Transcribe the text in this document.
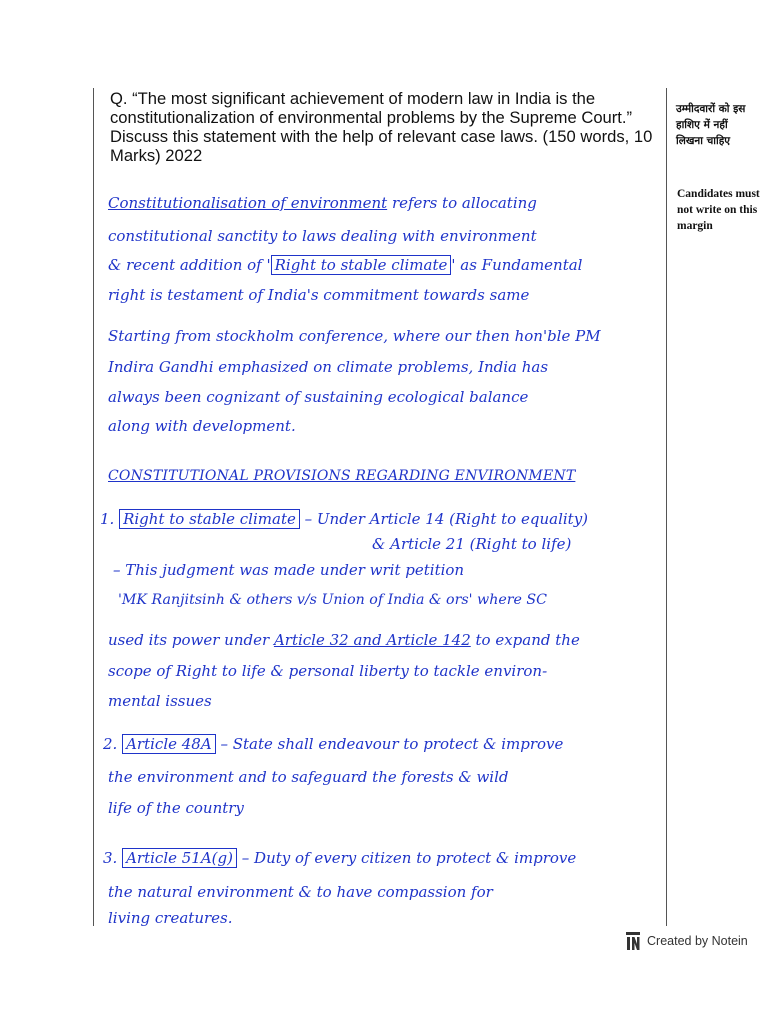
Q. “The most significant achievement of modern law in India is the constitutionalization of environmental problems by the Supreme Court.” Discuss this statement with the help of relevant case laws. (150 words, 10 Marks) 2022
उम्मीदवारों को इस हाशिए में नहीं लिखना चाहिए
Candidates must not write on this margin
Constitutionalisation of environment refers to allocating
constitutional sanctity to laws dealing with environment
& recent addition of ' Right to stable climate ' as Fundamental
right is testament of India's commitment towards same
Starting from stockholm conference, where our then hon'ble PM
Indira Gandhi emphasized on climate problems, India has
always been cognizant of sustaining ecological balance
along with development.
CONSTITUTIONAL PROVISIONS REGARDING ENVIRONMENT
1. Right to stable climate – Under Article 14 (Right to equality)
& Article 21 (Right to life)
– This judgment was made under writ petition
'MK Ranjitsinh & others v/s Union of India & ors' where SC
used its power under Article 32 and Article 142 to expand the
scope of Right to life & personal liberty to tackle environ-
mental issues
2. Article 48A – State shall endeavour to protect & improve
the environment and to safeguard the forests & wild
life of the country
3. Article 51A(g) – Duty of every citizen to protect & improve
the natural environment & to have compassion for
living creatures.
Created by Notein
